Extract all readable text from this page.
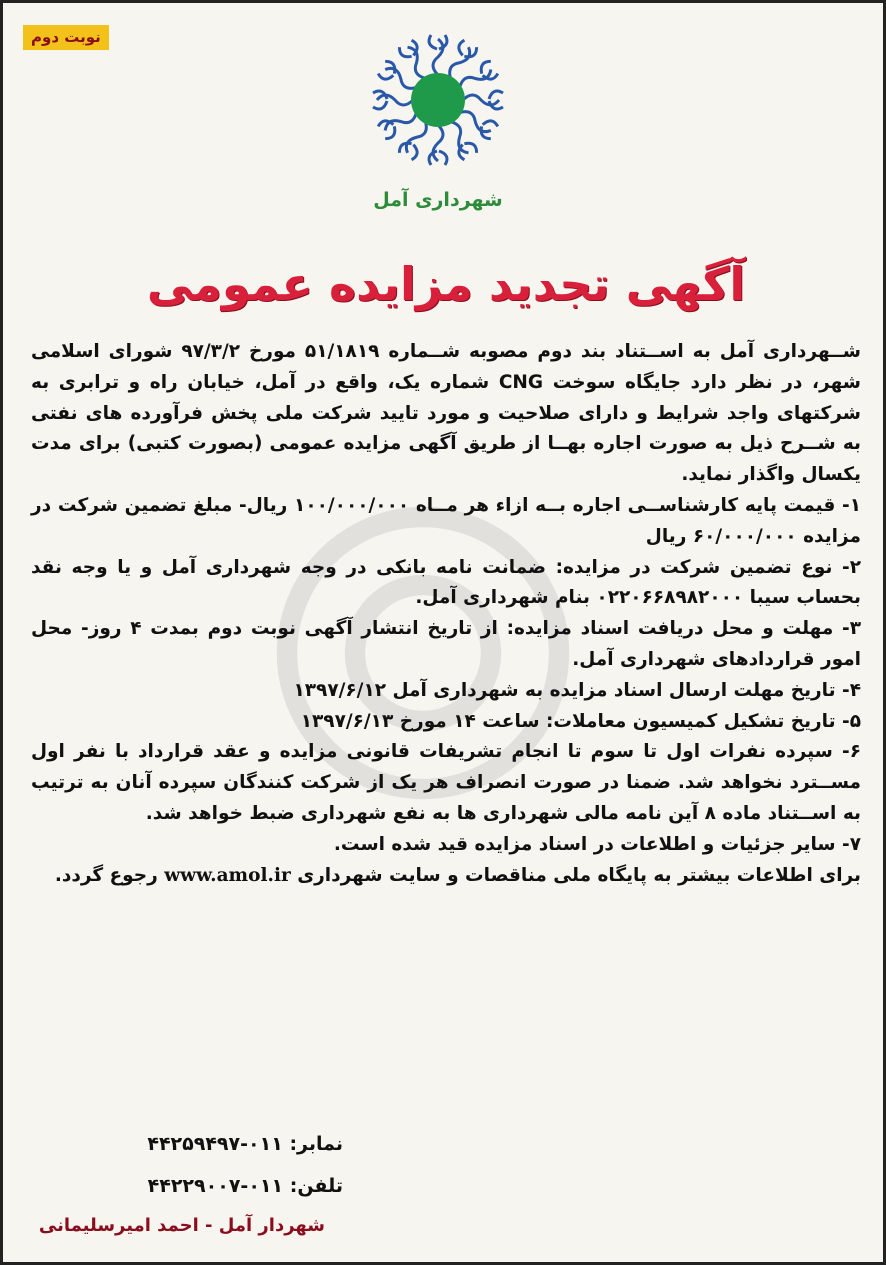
نوبت دوم
شهرداری آمل
آگهی تجدید مزایده عمومی

شــهرداری آمل به اســتناد بند دوم مصوبه شــماره ۵۱/۱۸۱۹ مورخ ۹۷/۳/۲ شورای اسلامی شهر، در نظر دارد جایگاه سوخت CNG شماره یک، واقع در آمل، خیابان راه و ترابری به شرکتهای واجد شرایط و دارای صلاحیت و مورد تایید شرکت ملی پخش فرآورده های نفتی به شــرح ذیل به صورت اجاره بهــا از طریق آگهی مزایده عمومی (بصورت کتبی) برای مدت یکسال واگذار نماید.

۱- قیمت پایه کارشناســی اجاره بــه ازاء هر مــاه ۱۰۰/۰۰۰/۰۰۰ ریال- مبلغ تضمین شرکت در مزایده ۶۰/۰۰۰/۰۰۰ ریال

۲- نوع تضمین شرکت در مزایده: ضمانت نامه بانکی در وجه شهرداری آمل و یا وجه نقد بحساب سیبا ۰۲۲۰۶۶۸۹۸۲۰۰۰ بنام شهرداری آمل.

۳- مهلت و محل دریافت اسناد مزایده: از تاریخ انتشار آگهی نوبت دوم بمدت ۴ روز- محل امور قراردادهای شهرداری آمل.

۴- تاریخ مهلت ارسال اسناد مزایده به شهرداری آمل ۱۳۹۷/۶/۱۲

۵- تاریخ تشکیل کمیسیون معاملات: ساعت ۱۴ مورخ ۱۳۹۷/۶/۱۳

۶- سپرده نفرات اول تا سوم تا انجام تشریفات قانونی مزایده و عقد قرارداد با نفر اول مســترد نخواهد شد. ضمنا در صورت انصراف هر یک از شرکت کنندگان سپرده آنان به ترتیب به اســتناد ماده ۸ آین نامه مالی شهرداری ها به نفع شهرداری ضبط خواهد شد.

۷- سایر جزئیات و اطلاعات در اسناد مزایده قید شده است.

برای اطلاعات بیشتر به پایگاه ملی مناقصات و سایت شهرداری www.amol.ir رجوع گردد.

نمابر: ۰۱۱-۴۴۲۵۹۴۹۷
تلفن: ۰۱۱-۴۴۲۲۹۰۰۷
شهردار آمل - احمد امیرسلیمانی
